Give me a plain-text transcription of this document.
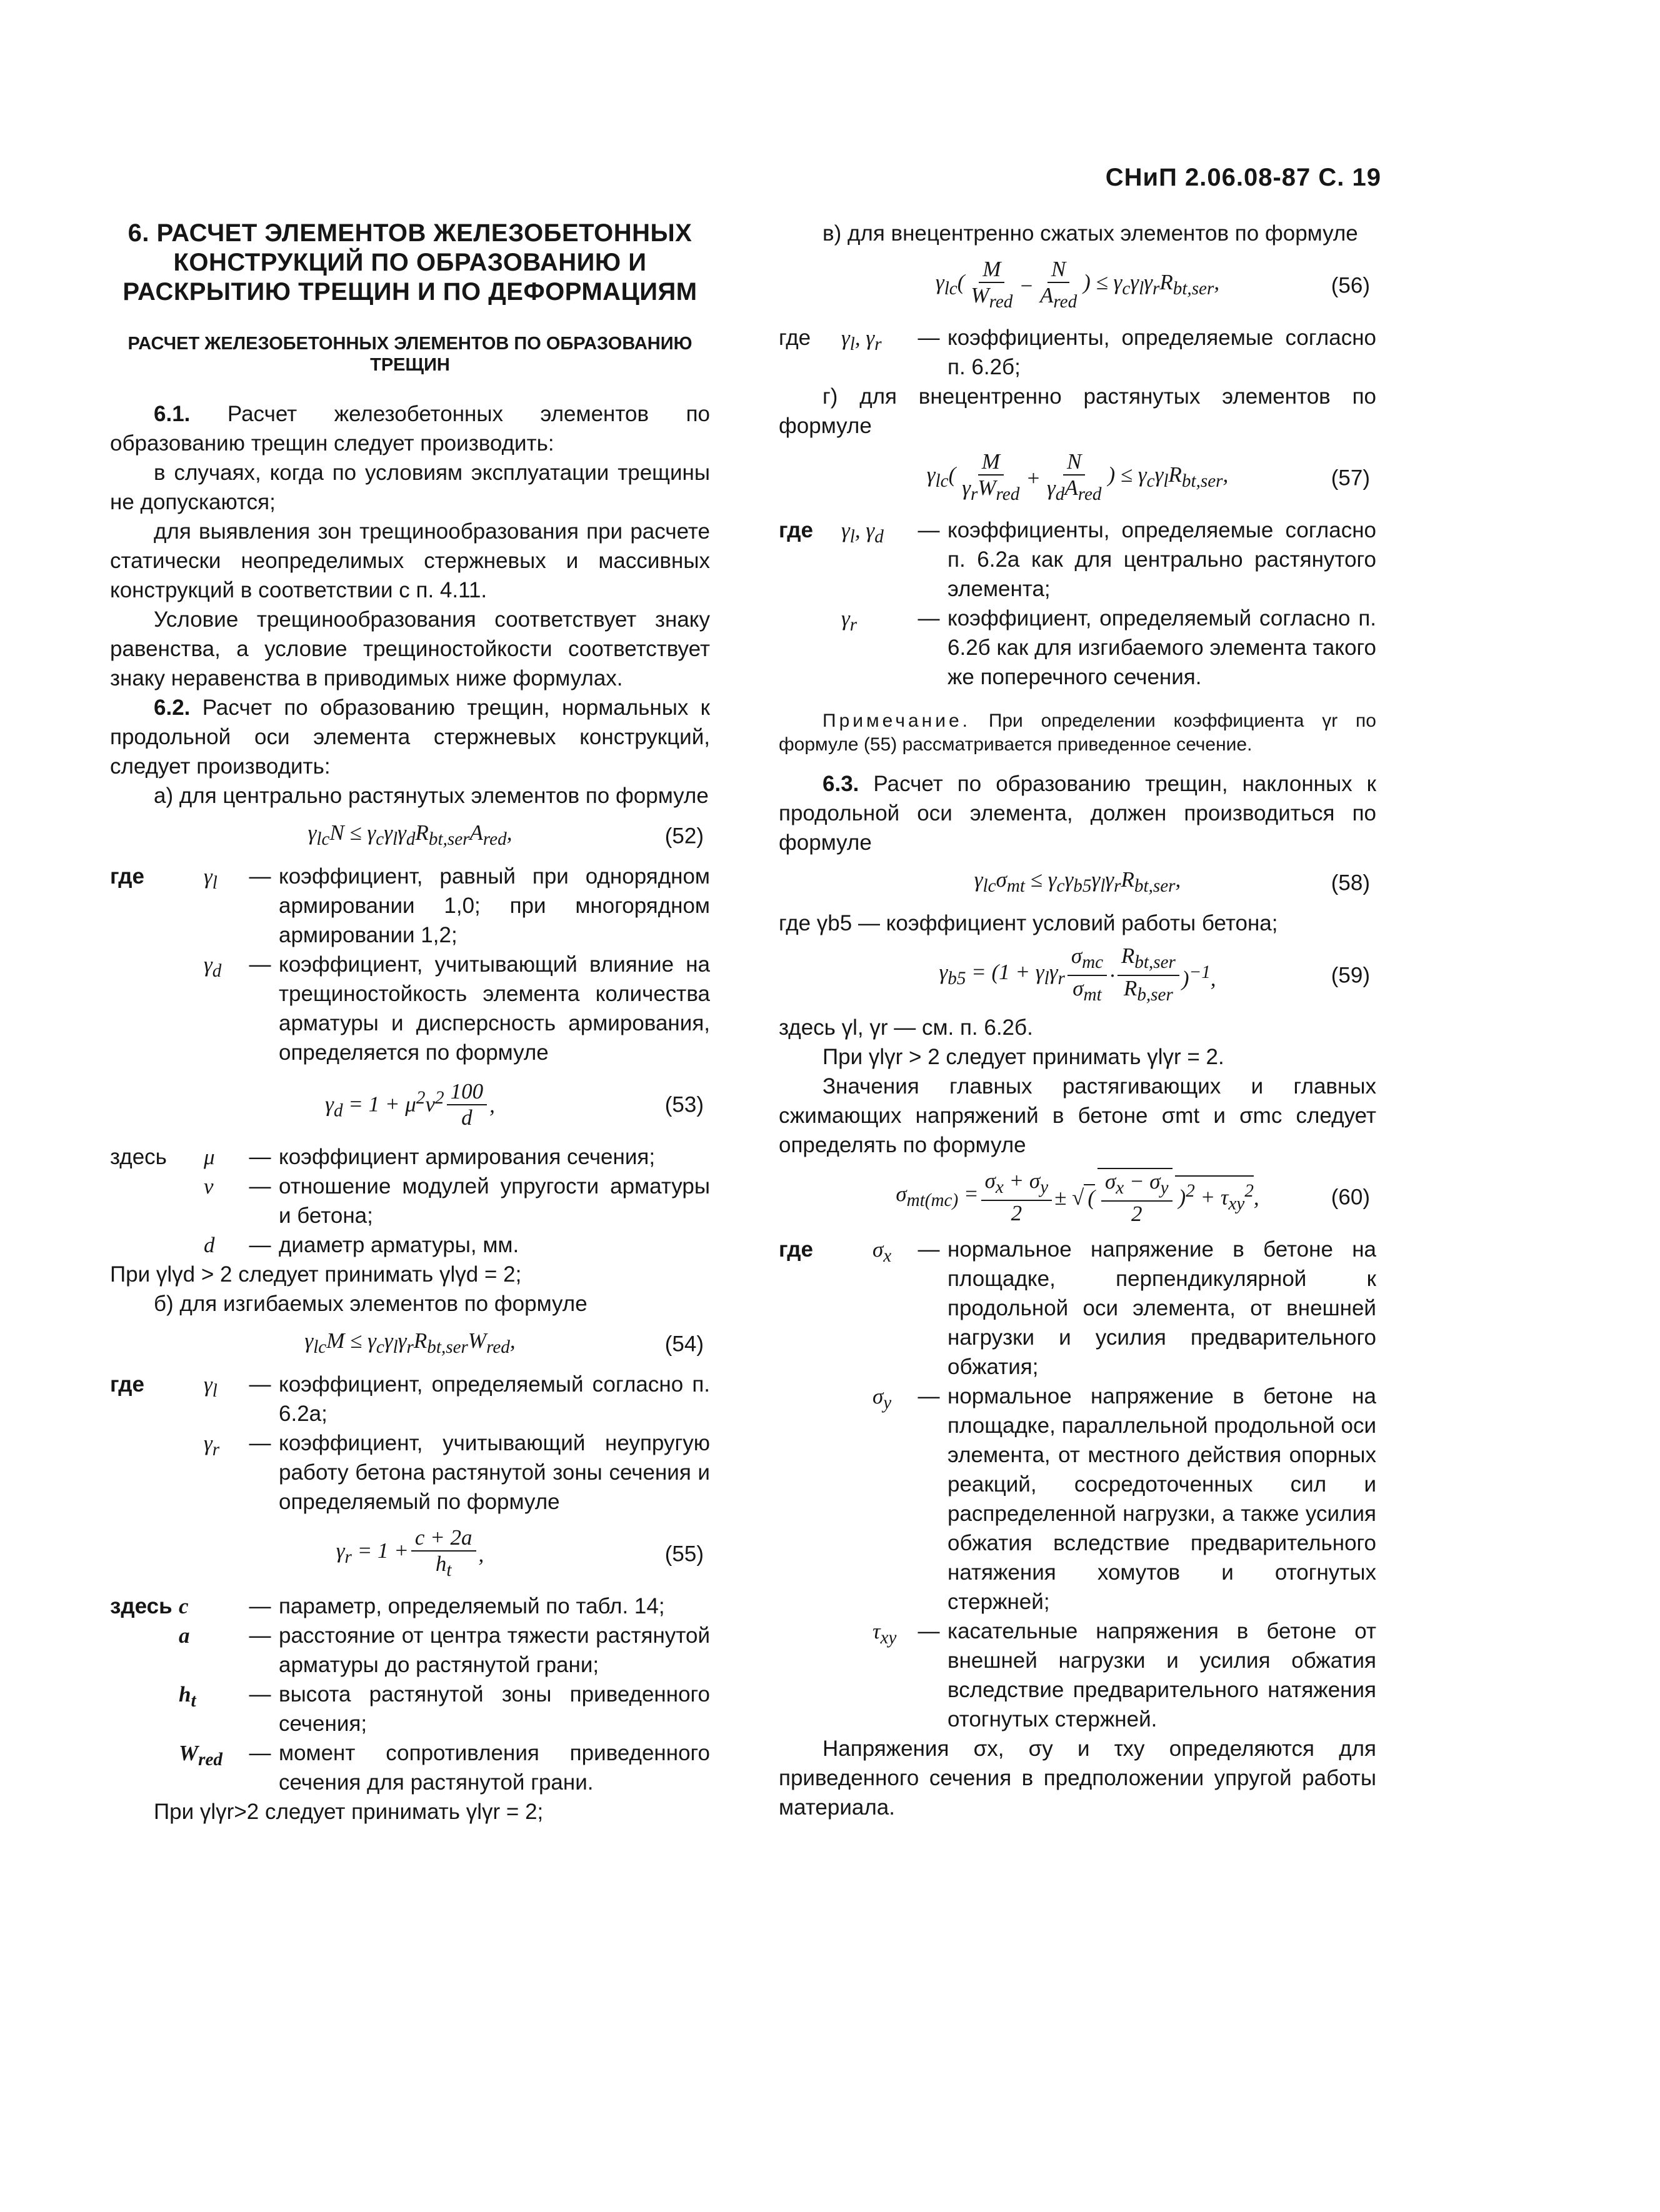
СНиП 2.06.08-87 С. 19
6. РАСЧЕТ ЭЛЕМЕНТОВ ЖЕЛЕЗОБЕТОННЫХ КОНСТРУКЦИЙ ПО ОБРАЗОВАНИЮ И РАСКРЫТИЮ ТРЕЩИН И ПО ДЕФОРМАЦИЯМ
РАСЧЕТ ЖЕЛЕЗОБЕТОННЫХ ЭЛЕМЕНТОВ ПО ОБРАЗОВАНИЮ ТРЕЩИН

6.1. Расчет железобетонных элементов по образованию трещин следует производить:

в случаях, когда по условиям эксплуатации трещины не допускаются;

для выявления зон трещинообразования при расчете статически неопределимых стержневых и массивных конструкций в соответствии с п. 4.11.

Условие трещинообразования соответствует знаку равенства, а условие трещиностойкости соответствует знаку неравенства в приводимых ниже формулах.

6.2. Расчет по образованию трещин, нормальных к продольной оси элемента стержневых конструкций, следует производить:

а) для центрально растянутых элементов по формуле

$\gamma_{lc}N \le \gamma_c\gamma_l\gamma_dR_{bt,ser}A_{red}$,	(52)
где	$\gamma_l$	— коэффициент, равный при однорядном армировании 1,0; при многорядном армировании 1,2;
$\gamma_d$	— коэффициент, учитывающий влияние на трещиностойкость элемента количества арматуры и дисперсность армирования, определяется по формуле
$\gamma_d = 1 + \mu^2\nu^2 \frac{100}{d}$ ,	(53)
здесь	μ	— коэффициент армирования сечения;
ν	— отношение модулей упругости арматуры и бетона;
d	— диаметр арматуры, мм.

При γlγd > 2 следует принимать γlγd = 2;

б) для изгибаемых элементов по формуле

$\gamma_{lc}M \le \gamma_c\gamma_l\gamma_rR_{bt,ser}W_{red}$,	(54)
где	$\gamma_l$	— коэффициент, определяемый согласно п. 6.2а;
$\gamma_r$	— коэффициент, учитывающий неупругую работу бетона растянутой зоны сечения и определяемый по формуле
$\gamma_r = 1 + \frac{c + 2a}{h_t}$ ,	(55)
здесь c	— параметр, определяемый по табл. 14;
a	— расстояние от центра тяжести растянутой арматуры до растянутой грани;
$h_t$	— высота растянутой зоны приведенного сечения;
$W_{red}$	— момент сопротивления приведенного сечения для растянутой грани.

При γlγr>2 следует принимать γlγr = 2;

в) для внецентренно сжатых элементов по формуле

$\gamma_{lc}( \frac{M}{W_{red}} - \frac{N}{A_{red}}$ ) ≤ $\gamma_c\gamma_l\gamma_rR_{bt,ser}$,	(56)
где	$\gamma_l$, $\gamma_r$	— коэффициенты, определяемые согласно п. 6.2б;

г) для внецентренно растянутых элементов по формуле

$\gamma_{lc}( \frac{M}{\gamma_rW_{red}} + \frac{N}{\gamma_dA_{red}}$ ) ≤ $\gamma_c\gamma_lR_{bt,ser}$,	(57)
где	$\gamma_l$, $\gamma_d$	— коэффициенты, определяемые согласно п. 6.2а как для центрально растянутого элемента;
$\gamma_r$	— коэффициент, определяемый согласно п. 6.2б как для изгибаемого элемента такого же поперечного сечения.
Примечание. При определении коэффициента γr по формуле (55) рассматривается приведенное сечение.

6.3. Расчет по образованию трещин, наклонных к продольной оси элемента, должен производиться по формуле

$\gamma_{lc}\sigma_{mt} \le \gamma_c\gamma_{b5}\gamma_l\gamma_rR_{bt,ser}$,	(58)

где γb5 — коэффициент условий работы бетона;

$\gamma_{b5} = (1 + \gamma_l\gamma_r \frac{\sigma_{mc}}{\sigma_{mt}} \cdot \frac{R_{bt,ser}}{R_{b,ser}} )^{-1}$,	(59)

здесь γl, γr — см. п. 6.2б.

При γlγr > 2 следует принимать γlγr = 2.

Значения главных растягивающих и главных сжимающих напряжений в бетоне σmt и σmc следует определять по формуле

$\sigma_{mt(mc)} = \frac{\sigma_x + \sigma_y}{2}$ ± √ ( $\frac{\sigma_x - \sigma_y}{2} )^2 + \tau_{xy}^2$ ,	(60)
где	$\sigma_x$	— нормальное напряжение в бетоне на площадке, перпендикулярной к продольной оси элемента, от внешней нагрузки и усилия предварительного обжатия;
$\sigma_y$	— нормальное напряжение в бетоне на площадке, параллельной продольной оси элемента, от местного действия опорных реакций, сосредоточенных сил и распределенной нагрузки, а также усилия обжатия вследствие предварительного натяжения хомутов и отогнутых стержней;
$\tau_{xy}$ — касательные напряжения в бетоне от внешней нагрузки и усилия обжатия вследствие предварительного натяжения отогнутых стержней.

Напряжения σx, σy и τxy определяются для приведенного сечения в предположении упругой работы материала.
